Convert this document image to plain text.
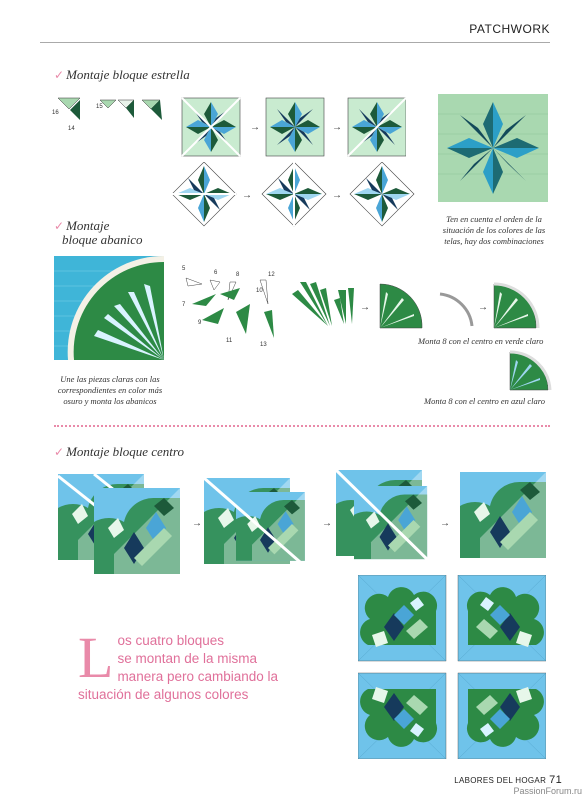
PATCHWORK
✓ Montaje bloque estrella
16
14
15
→	→
→	→
Ten en cuenta el orden de la
situación de los colores de las
telas, hay dos combinaciones
✓ Montaje
bloque abanico
Une las piezas claras con las
correspondientes en color más
osuro y monta los abanicos
5
6	8	12
7
10
9
11
13
→	→
Monta 8 con el centro en verde claro
Monta 8 con el centro en azul claro
✓ Montaje bloque centro
→	→	→
L os cuatro bloques
se montan de la misma
manera pero cambiando la
situación de algunos colores
LABORES DEL HOGAR 71
PassionForum.ru
